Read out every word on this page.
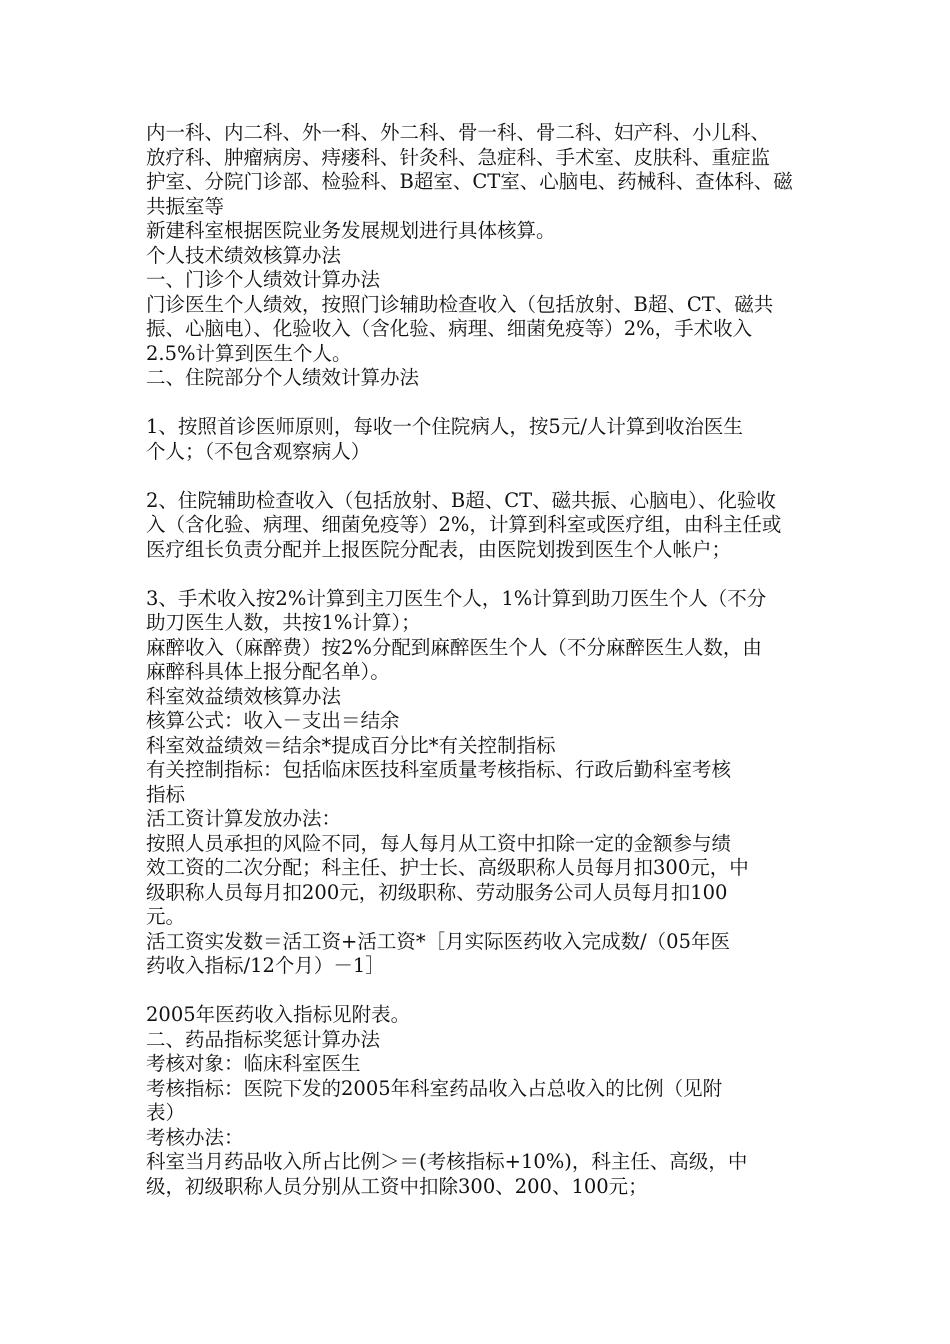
内一科、内二科、外一科、外二科、骨一科、骨二科、妇产科、小儿科、
放疗科、肿瘤病房、痔瘘科、针灸科、急症科、手术室、皮肤科、重症监
护室、分院门诊部、检验科、B超室、CT室、心脑电、药械科、查体科、磁
共振室等
新建科室根据医院业务发展规划进行具体核算。
个人技术绩效核算办法
一、门诊个人绩效计算办法
门诊医生个人绩效，按照门诊辅助检查收入（包括放射、B超、CT、磁共
振、心脑电）、化验收入（含化验、病理、细菌免疫等）2%，手术收入
2.5%计算到医生个人。
二、住院部分个人绩效计算办法
1、按照首诊医师原则，每收一个住院病人，按5元/人计算到收治医生
个人；（不包含观察病人）
2、住院辅助检查收入（包括放射、B超、CT、磁共振、心脑电）、化验收
入（含化验、病理、细菌免疫等）2%，计算到科室或医疗组，由科主任或
医疗组长负责分配并上报医院分配表，由医院划拨到医生个人帐户；
3、手术收入按2%计算到主刀医生个人，1%计算到助刀医生个人（不分
助刀医生人数，共按1%计算）；
麻醉收入（麻醉费）按2%分配到麻醉医生个人（不分麻醉医生人数，由
麻醉科具体上报分配名单）。
科室效益绩效核算办法
核算公式：收入－支出＝结余
科室效益绩效＝结余*提成百分比*有关控制指标
有关控制指标：包括临床医技科室质量考核指标、行政后勤科室考核
指标
活工资计算发放办法：
按照人员承担的风险不同，每人每月从工资中扣除一定的金额参与绩
效工资的二次分配；科主任、护士长、高级职称人员每月扣300元，中
级职称人员每月扣200元，初级职称、劳动服务公司人员每月扣100
元。
活工资实发数＝活工资+活工资*［月实际医药收入完成数/（05年医
药收入指标/12个月）－1］
2005年医药收入指标见附表。
二、药品指标奖惩计算办法
考核对象：临床科室医生
考核指标：医院下发的2005年科室药品收入占总收入的比例（见附
表）
考核办法：
科室当月药品收入所占比例＞＝(考核指标+10%)，科主任、高级，中
级，初级职称人员分别从工资中扣除300、200、100元；
